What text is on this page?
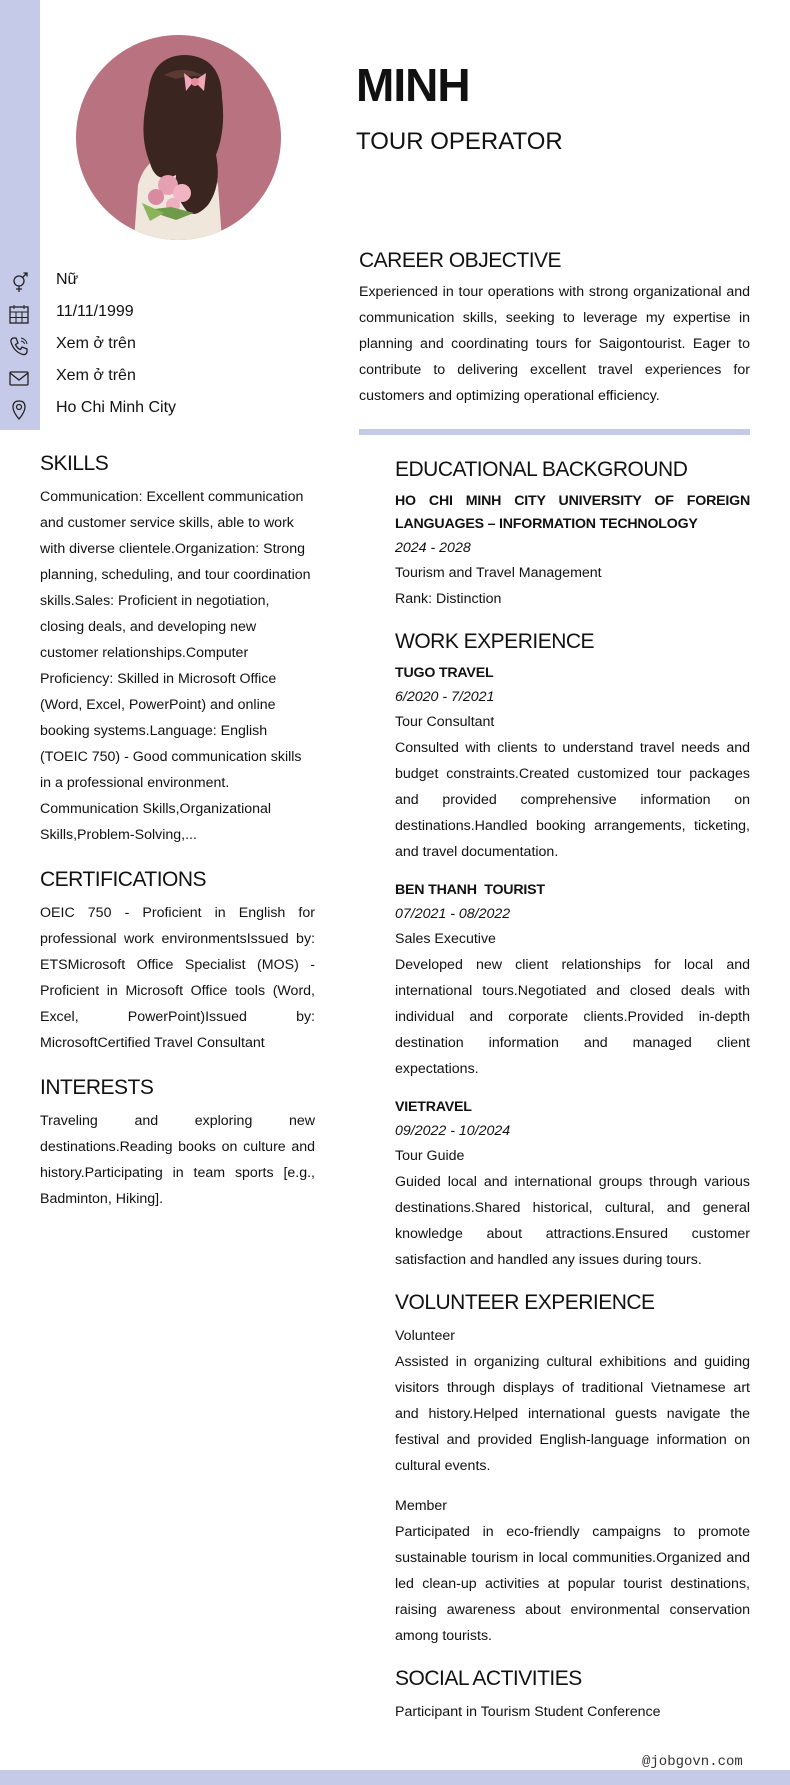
MINH
TOUR OPERATOR
Nữ
11/11/1999
Xem ở trên
Xem ở trên
Ho Chi Minh City
CAREER OBJECTIVE
Experienced in tour operations with strong organizational and communication skills, seeking to leverage my expertise in planning and coordinating tours for Saigontourist. Eager to contribute to delivering excellent travel experiences for customers and optimizing operational efficiency.
SKILLS
Communication: Excellent communication and customer service skills, able to work with diverse clientele.Organization: Strong planning, scheduling, and tour coordination skills.Sales: Proficient in negotiation, closing deals, and developing new customer relationships.Computer Proficiency: Skilled in Microsoft Office (Word, Excel, PowerPoint) and online booking systems.Language: English (TOEIC 750) - Good communication skills in a professional environment.
Communication Skills,Organizational Skills,Problem-Solving,...
CERTIFICATIONS
OEIC 750 - Proficient in English for professional work environmentsIssued by: ETSMicrosoft Office Specialist (MOS) - Proficient in Microsoft Office tools (Word, Excel, PowerPoint)Issued by: MicrosoftCertified Travel Consultant
INTERESTS
Traveling and exploring new destinations.Reading books on culture and history.Participating in team sports [e.g., Badminton, Hiking].
EDUCATIONAL BACKGROUND
HO CHI MINH CITY UNIVERSITY OF FOREIGN LANGUAGES – INFORMATION TECHNOLOGY
2024 - 2028
Tourism and Travel Management
Rank: Distinction
WORK EXPERIENCE
TUGO TRAVEL
6/2020 - 7/2021
Tour Consultant
Consulted with clients to understand travel needs and budget constraints.Created customized tour packages and provided comprehensive information on destinations.Handled booking arrangements, ticketing, and travel documentation.
BEN THANH  TOURIST
07/2021 - 08/2022
Sales Executive
Developed new client relationships for local and international tours.Negotiated and closed deals with individual and corporate clients.Provided in-depth destination information and managed client expectations.
VIETRAVEL
09/2022 - 10/2024
Tour Guide
Guided local and international groups through various destinations.Shared historical, cultural, and general knowledge about attractions.Ensured customer satisfaction and handled any issues during tours.
VOLUNTEER EXPERIENCE
Volunteer
Assisted in organizing cultural exhibitions and guiding visitors through displays of traditional Vietnamese art and history.Helped international guests navigate the festival and provided English-language information on cultural events.
Member
Participated in eco-friendly campaigns to promote sustainable tourism in local communities.Organized and led clean-up activities at popular tourist destinations, raising awareness about environmental conservation among tourists.
SOCIAL ACTIVITIES
Participant in Tourism Student Conference
@jobgovn.com
